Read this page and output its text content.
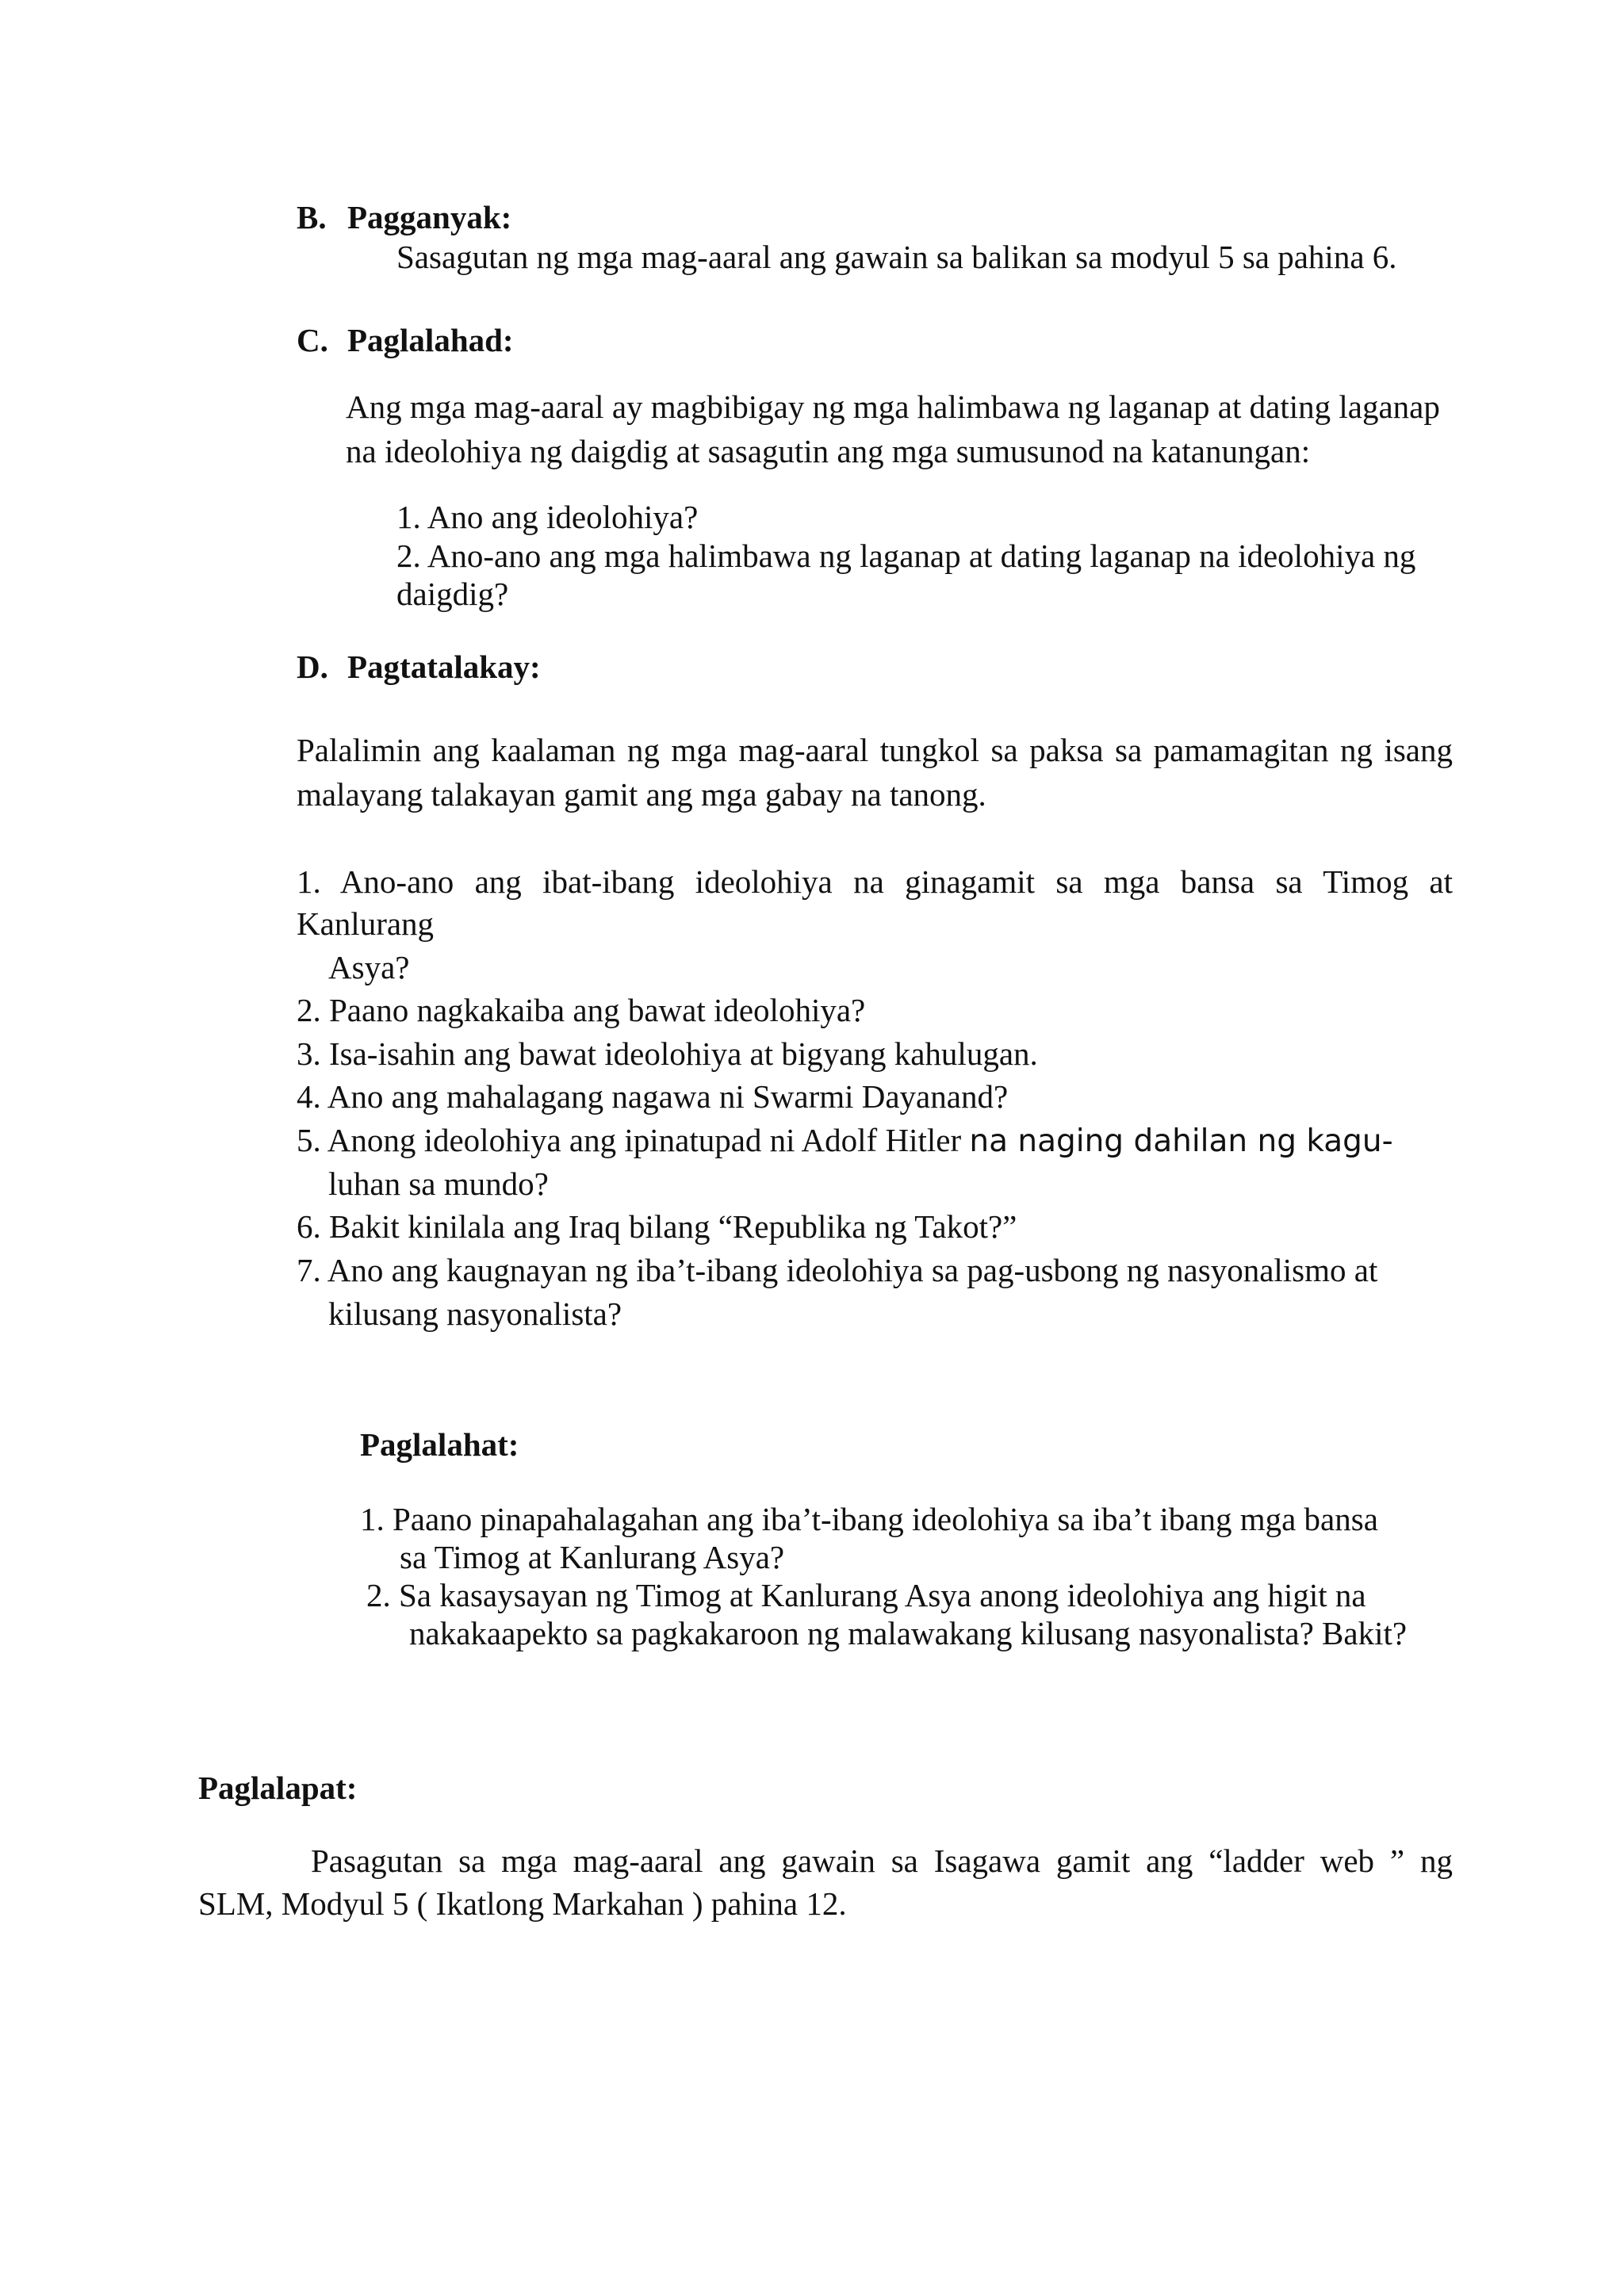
B. Pagganyak:
Sasagutan ng mga mag-aaral ang gawain sa balikan sa modyul 5 sa pahina 6.
C. Paglalahad:
Ang mga mag-aaral ay magbibigay ng mga halimbawa ng laganap at dating laganap
na ideolohiya ng daigdig at sasagutin ang mga sumusunod na katanungan:
1. Ano ang ideolohiya?
2. Ano-ano ang mga halimbawa ng laganap at dating laganap na ideolohiya ng
daigdig?
D. Pagtatalakay:
Palalimin ang kaalaman ng mga mag-aaral tungkol sa paksa sa pamamagitan ng isang
malayang talakayan gamit ang mga gabay na tanong.
1. Ano-ano ang ibat-ibang ideolohiya na ginagamit sa mga bansa sa Timog at
Kanlurang
Asya?
2. Paano nagkakaiba ang bawat ideolohiya?
3. Isa-isahin ang bawat ideolohiya at bigyang kahulugan.
4. Ano ang mahalagang nagawa ni Swarmi Dayanand?
5. Anong ideolohiya ang ipinatupad ni Adolf Hitler na naging dahilan ng kagu-
luhan sa mundo?
6. Bakit kinilala ang Iraq bilang “Republika ng Takot?”
7. Ano ang kaugnayan ng iba’t-ibang ideolohiya sa pag-usbong ng nasyonalismo at
kilusang nasyonalista?
Paglalahat:
1. Paano pinapahalagahan ang iba’t-ibang ideolohiya sa iba’t ibang mga bansa
sa Timog at Kanlurang Asya?
2. Sa kasaysayan ng Timog at Kanlurang Asya anong ideolohiya ang higit na
nakakaapekto sa pagkakaroon ng malawakang kilusang nasyonalista? Bakit?
Paglalapat:
Pasagutan sa mga mag-aaral ang gawain sa Isagawa gamit ang “ladder web ” ng
SLM, Modyul 5 ( Ikatlong Markahan ) pahina 12.
